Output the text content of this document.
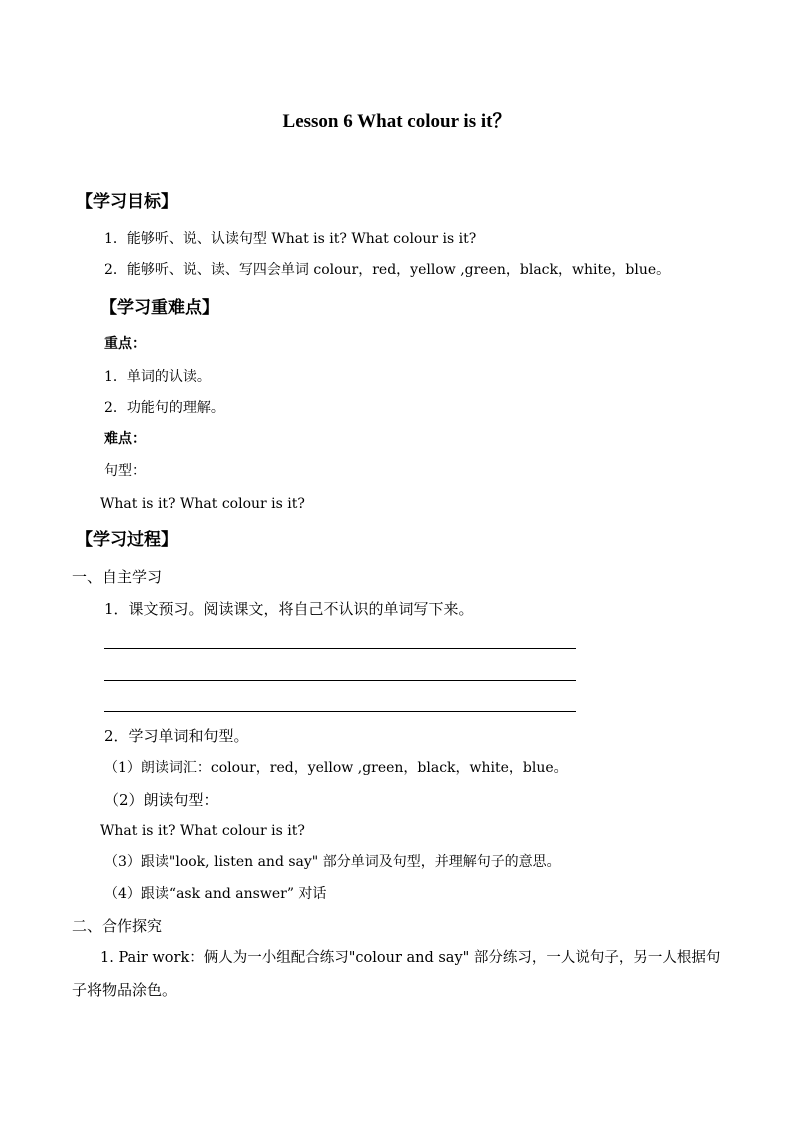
Lesson 6 What colour is it？
【学习目标】
1．能够听、说、认读句型 What is it? What colour is it?
2．能够听、说、读、写四会单词 colour，red，yellow ,green，black，white，blue。
【学习重难点】
重点：
1．单词的认读。
2．功能句的理解。
难点：
句型：
What is it? What colour is it?
【学习过程】
一、自主学习
1．课文预习。阅读课文，将自己不认识的单词写下来。
2．学习单词和句型。
（1）朗读词汇：colour，red，yellow ,green，black，white，blue。
（2）朗读句型：
What is it? What colour is it?
（3）跟读"look, listen and say" 部分单词及句型，并理解句子的意思。
（4）跟读“ask and answer” 对话
二、合作探究
1. Pair work：俩人为一小组配合练习"colour and say" 部分练习，一人说句子，另一人根据句
子将物品涂色。
